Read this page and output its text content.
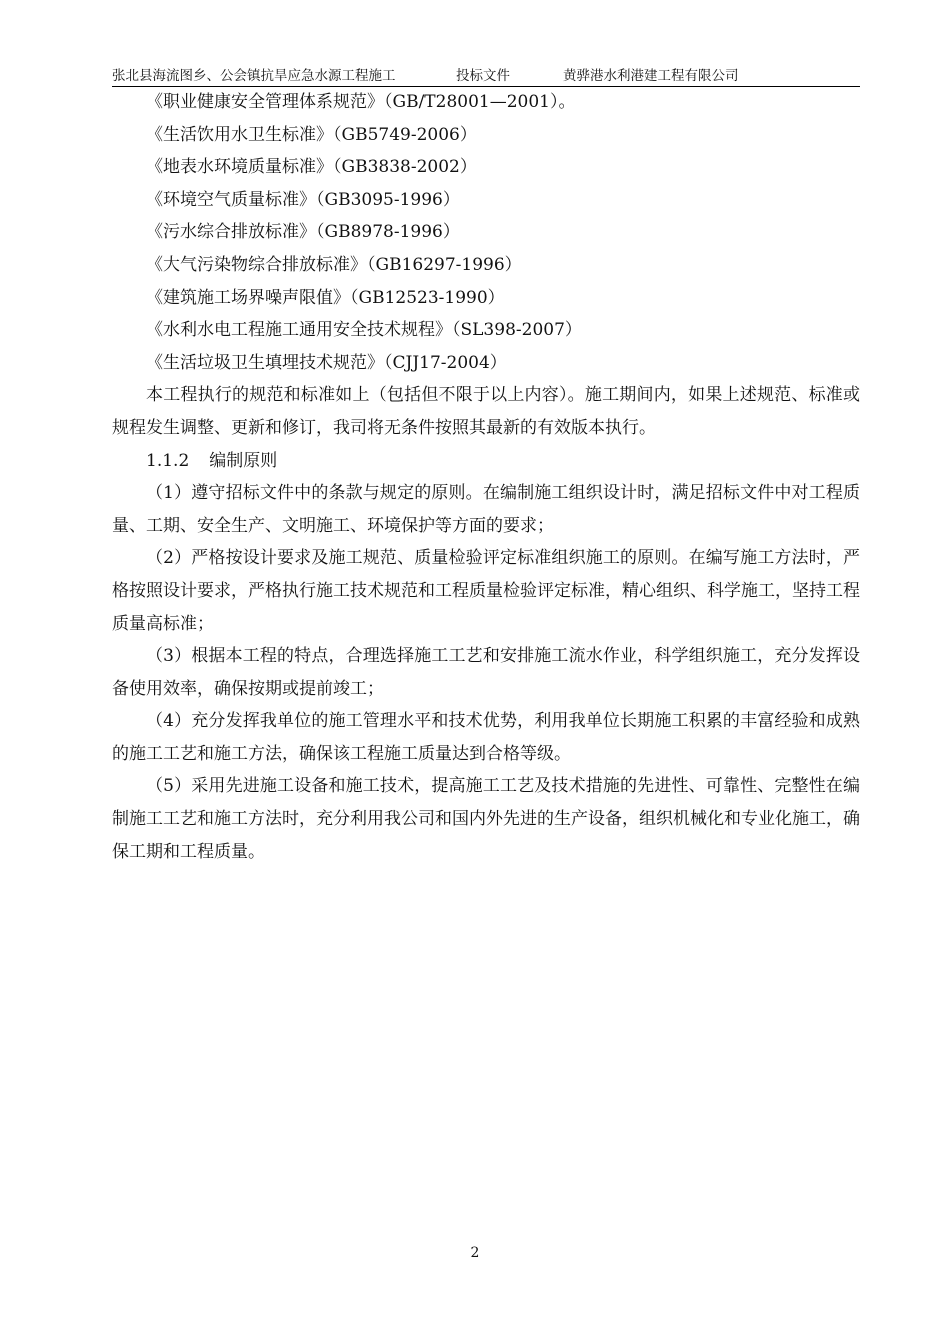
张北县海流图乡、公会镇抗旱应急水源工程施工	投标文件	黄骅港水利港建工程有限公司
《职业健康安全管理体系规范》（GB/T28001—2001）。
《生活饮用水卫生标准》（GB5749-2006）
《地表水环境质量标准》（GB3838-2002）
《环境空气质量标准》（GB3095-1996）
《污水综合排放标准》（GB8978-1996）
《大气污染物综合排放标准》（GB16297-1996）
《建筑施工场界噪声限值》（GB12523-1990）
《水利水电工程施工通用安全技术规程》（SL398-2007）
《生活垃圾卫生填埋技术规范》（CJJ17-2004）

本工程执行的规范和标准如上（包括但不限于以上内容）。施工期间内，如果上述规范、标准或规程发生调整、更新和修订，我司将无条件按照其最新的有效版本执行。

1.1.2 编制原则

（1）遵守招标文件中的条款与规定的原则。在编制施工组织设计时，满足招标文件中对工程质量、工期、安全生产、文明施工、环境保护等方面的要求；

（2）严格按设计要求及施工规范、质量检验评定标准组织施工的原则。在编写施工方法时，严格按照设计要求，严格执行施工技术规范和工程质量检验评定标准，精心组织、科学施工，坚持工程质量高标准；

（3）根据本工程的特点，合理选择施工工艺和安排施工流水作业，科学组织施工，充分发挥设备使用效率，确保按期或提前竣工；

（4）充分发挥我单位的施工管理水平和技术优势，利用我单位长期施工积累的丰富经验和成熟的施工工艺和施工方法，确保该工程施工质量达到合格等级。

（5）采用先进施工设备和施工技术，提高施工工艺及技术措施的先进性、可靠性、完整性在编制施工工艺和施工方法时，充分利用我公司和国内外先进的生产设备，组织机械化和专业化施工，确保工期和工程质量。

2
